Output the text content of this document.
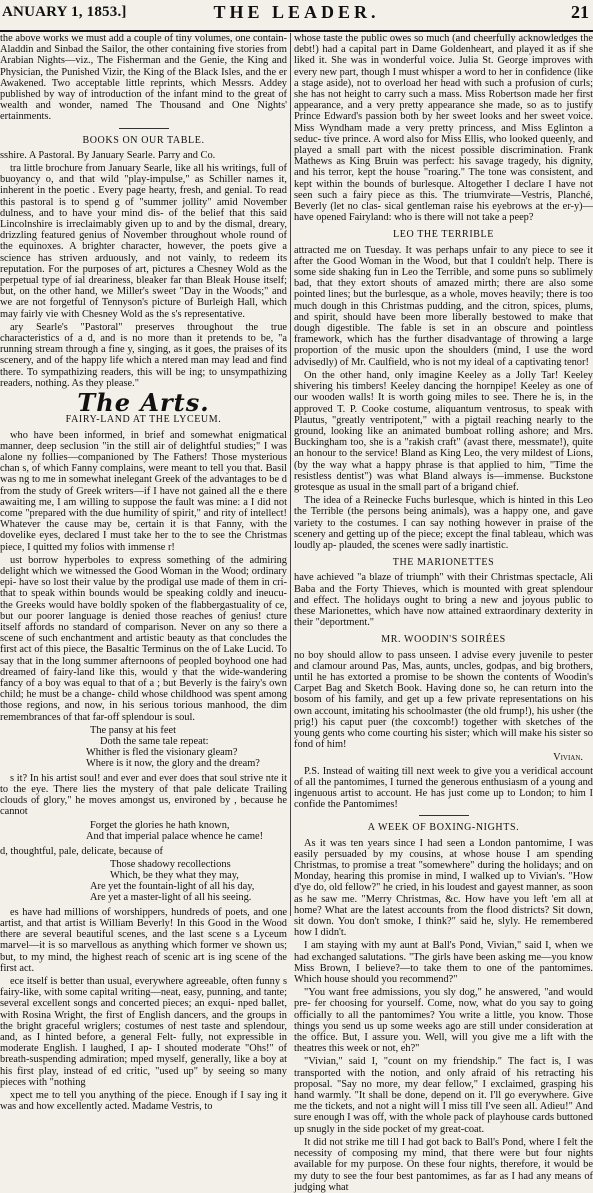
ANUARY 1, 1853.]	THE LEADER.	21

the above works we must add a couple of tiny volumes, one contain- Aladdin and Sinbad the Sailor, the other containing five stories from Arabian Nights—viz., The Fisherman and the Genie, the King and Physician, the Punished Vizir, the King of the Black Isles, and the er Awakened. Two acceptable little reprints, which Messrs. Addey published by way of introduction of the infant mind to the great of wealth and wonder, named The Thousand and One Nights' ertainments.

BOOKS ON OUR TABLE.

sshire. A Pastoral. By January Searle. Parry and Co.

tra little brochure from January Searle, like all his writings, full of buoyancy o, and that wild "play-impulse," as Schiller names it, inherent in the poetic . Every page hearty, fresh, and genial. To read this pastoral is to spend g of "summer jollity" amid November dulness, and to have your mind dis- of the belief that this said Lincolnshire is irreclaimably given up to and by the dismal, dreary, drizzling featured genius of November throughout whole round of the equinoxes. A brighter character, however, the poets give a science has striven arduously, and not vainly, to redeem its reputation. For the purposes of art, pictures a Chesney Wold as the perpetual type of ial dreariness, bleaker far than Bleak House itself; but, on the other hand, we Miller's sweet "Day in the Woods;" and we are not forgetful of Tennyson's picture of Burleigh Hall, which may fairly vie with Chesney Wold as the s's representative.

ary Searle's "Pastoral" preserves throughout the true characteristics of a d, and is no more than it pretends to be, "a running stream through a fine y, singing, as it goes, the praises of its scenery, and of the happy life which a ntered man may lead and find there. To sympathizing readers, this will be ing; to unsympathizing readers, nothing. As they please."

The Arts.
FAIRY-LAND AT THE LYCEUM.

who have been informed, in brief and somewhat enigmatical manner, deep seclusion "in the still air of delightful studies;" I was alone ny follies—companioned by The Fathers! Those mysterious chan s, of which Fanny complains, were meant to tell you that. Basil was ng to me in somewhat inelegant Greek of the advantages to be d from the study of Greek writers—if I have not gained all the e there awaiting me, I am willing to suppose the fault was mine: a I did not come "prepared with the due humility of spirit," and rity of intellect! Whatever the cause may be, certain it is that Fanny, with the dovelike eyes, declared I must take her to the to see the Christmas piece, I quitted my folios with immense r!

ust borrow hyperboles to express something of the admiring delight which we witnessed the Good Woman in the Wood; ordinary epi- have so lost their value by the prodigal use made of them in cri- that to speak within bounds would be speaking coldly and ineucu- the Greeks would have boldly spoken of the flabbergastuality of ce, but our poorer language is denied those reaches of genius! cture itself affords no standard of comparison. Never on any so there a scene of such enchantment and artistic beauty as that concludes the first act of this piece, the Basaltic Terminus on the of Lake Lucid. To say that in the long summer afternoons of peopled boyhood one had dreamed of fairy-land like this, would y that the wide-wandering fancy of a boy was equal to that of a ; but Beverly is the fairy's own child; he must be a change- child whose childhood was spent among those regions, and now, in his serious torious manhood, the dim remembrances of that far-off splendour is soul.

The pansy at his feet
Doth the same tale repeat:
Whither is fled the visionary gleam?
Where is it now, the glory and the dream?

s it? In his artist soul! and ever and ever does that soul strive nte it to the eye. There lies the mystery of that pale delicate Trailing clouds of glory," he moves amongst us, environed by , because he cannot

Forget the glories he hath known,
And that imperial palace whence he came!

d, thoughtful, pale, delicate, because of

Those shadowy recollections
Which, be they what they may,
Are yet the fountain-light of all his day,
Are yet a master-light of all his seeing.

es have had millions of worshippers, hundreds of poets, and one artist, and that artist is William Beverly! In this Good in the Wood there are several beautiful scenes, and the last scene s a Lyceum marvel—it is so marvellous as anything which former ve shown us; but, to my mind, the highest reach of scenic art is ing scene of the first act.

ece itself is better than usual, everywhere agreeable, often funny s fairy-like, with some capital writing—neat, easy, punning, and tante; several excellent songs and concerted pieces; an exqui- nped ballet, with Rosina Wright, the first of English dancers, and the groups in the bright graceful wriglers; costumes of nest taste and splendour, and, as I hinted before, a general Felt- fully, not expressible in moderate English. I laughed, I ap- I shouted moderate "Ohs!" of breath-suspending admiration; mped myself, generally, like a boy at his first play, instead of ed critic, "used up" by seeing so many pieces with "nothing

xpect me to tell you anything of the piece. Enough if I say ing it was and how excellently acted. Madame Vestris, to

whose taste the public owes so much (and cheerfully acknowledges the debt!) had a capital part in Dame Goldenheart, and played it as if she liked it. She was in wonderful voice. Julia St. George improves with every new part, though I must whisper a word to her in confidence (like a stage aside), not to overload her head with such a profusion of curls; she has not height to carry such a mass. Miss Robertson made her first appearance, and a very pretty appearance she made, so as to justify Prince Edward's passion both by her sweet looks and her sweet voice. Miss Wyndham made a very pretty princess, and Miss Eglinton a seduc- tive prince. A word also for Miss Ellis, who looked queenly, and played a small part with the nicest possible discrimination. Frank Mathews as King Bruin was perfect: his savage tragedy, his dignity, and his terror, kept the house "roaring." The tone was consistent, and kept within the bounds of burlesque. Altogether I declare I have not seen such a fairy piece as this. The triumvirate—Vestris, Planché, Beverly (let no clas- sical gentleman raise his eyebrows at the er-y)—have opened Fairyland: who is there will not take a peep?

LEO THE TERRIBLE

attracted me on Tuesday. It was perhaps unfair to any piece to see it after the Good Woman in the Wood, but that I couldn't help. There is some side shaking fun in Leo the Terrible, and some puns so sublimely bad, that they extort shouts of amazed mirth; there are also some pointed lines; but the burlesque, as a whole, moves heavily; there is too much dough in this Christmas pudding, and the citron, spices, plums, and spirit, should have been more liberally bestowed to make that dough digestible. The fable is set in an obscure and pointless framework, which has the further disadvantage of throwing a large proportion of the music upon the shoulders (mind, I use the word advisedly) of Mr. Caulfield, who is not my ideal of a captivating tenor!

On the other hand, only imagine Keeley as a Jolly Tar! Keeley shivering his timbers! Keeley dancing the hornpipe! Keeley as one of our wooden walls! It is worth going miles to see. There he is, in the approved T. P. Cooke costume, aliquantum ventrosus, to speak with Plautus, "greatly ventripotent," with a pigtail reaching nearly to the ground, looking like an animated bumboat rolling ashore; and Mrs. Buckingham too, she is a "rakish craft" (avast there, messmate!), quite an honour to the service! Bland as King Leo, the very mildest of Lions, (by the way what a happy phrase is that applied to him, "Time the resistless dentist") was what Bland always is—immense. Buckstone grotesque as usual in the small part of a brigand chief.

The idea of a Reinecke Fuchs burlesque, which is hinted in this Leo the Terrible (the persons being animals), was a happy one, and gave variety to the costumes. I can say nothing however in praise of the scenery and getting up of the piece; except the final tableau, which was loudly ap- plauded, the scenes were sadly inartistic.

THE MARIONETTES

have achieved "a blaze of triumph" with their Christmas spectacle, Ali Baba and the Forty Thieves, which is mounted with great splendour and effect. The holidays ought to bring a new and joyous public to these Marionettes, which have now attained extraordinary dexterity in their "deportment."

MR. WOODIN'S SOIRÉES

no boy should allow to pass unseen. I advise every juvenile to pester and clamour around Pas, Mas, aunts, uncles, godpas, and big brothers, until he has extorted a promise to be shown the contents of Woodin's Carpet Bag and Sketch Book. Having done so, he can return into the bosom of his family, and get up a few private representations on his own account, imitating his schoolmaster (the old frump!), his usher (the prig!) his caput puer (the coxcomb!) together with sketches of the young gents who come courting his sister; which will make his sister so fond of him!

Vivian.

P.S. Instead of waiting till next week to give you a veridical account of all the pantomimes, I turned the generous enthusiasm of a young and ingenuous artist to account. He has just come up to London; to him I confide the Pantomimes!

A WEEK OF BOXING-NIGHTS.

As it was ten years since I had seen a London pantomime, I was easily persuaded by my cousins, at whose house I am spending Christmas, to promise a treat "somewhere" during the holidays; and on Monday, hearing this promise in mind, I walked up to Vivian's. "How d'ye do, old fellow?" he cried, in his loudest and gayest manner, as soon as he saw me. "Merry Christmas, &c. How have you left 'em all at home? What are the latest accounts from the flood districts? Sit down, sit down. You don't smoke, I think?" said he, slyly. He remembered how I didn't.

I am staying with my aunt at Ball's Pond, Vivian," said I, when we had exchanged salutations. "The girls have been asking me—you know Miss Brown, I believe?—to take them to one of the pantomimes. Which house should you recommend?"

"You want free admissions, you sly dog," he answered, "and would pre- fer choosing for yourself. Come, now, what do you say to going officially to all the pantomimes? You write a little, you know. Those things you send us up some weeks ago are still under consideration at the office. But, I assure you. Well, will you give me a lift with the theatres this week or not, eh?"

"Vivian," said I, "count on my friendship." The fact is, I was transported with the notion, and only afraid of his retracting his proposal. "Say no more, my dear fellow," I exclaimed, grasping his hand warmly. "It shall be done, depend on it. I'll go everywhere. Give me the tickets, and not a night will I miss till I've seen all. Adieu!" And sure enough I was off, with the whole pack of playhouse cards buttoned up snugly in the side pocket of my great-coat.

It did not strike me till I had got back to Ball's Pond, where I felt the necessity of composing my mind, that there were but four nights available for my purpose. On these four nights, therefore, it would be my duty to see the four best pantomimes, as far as I had any means of judging what
